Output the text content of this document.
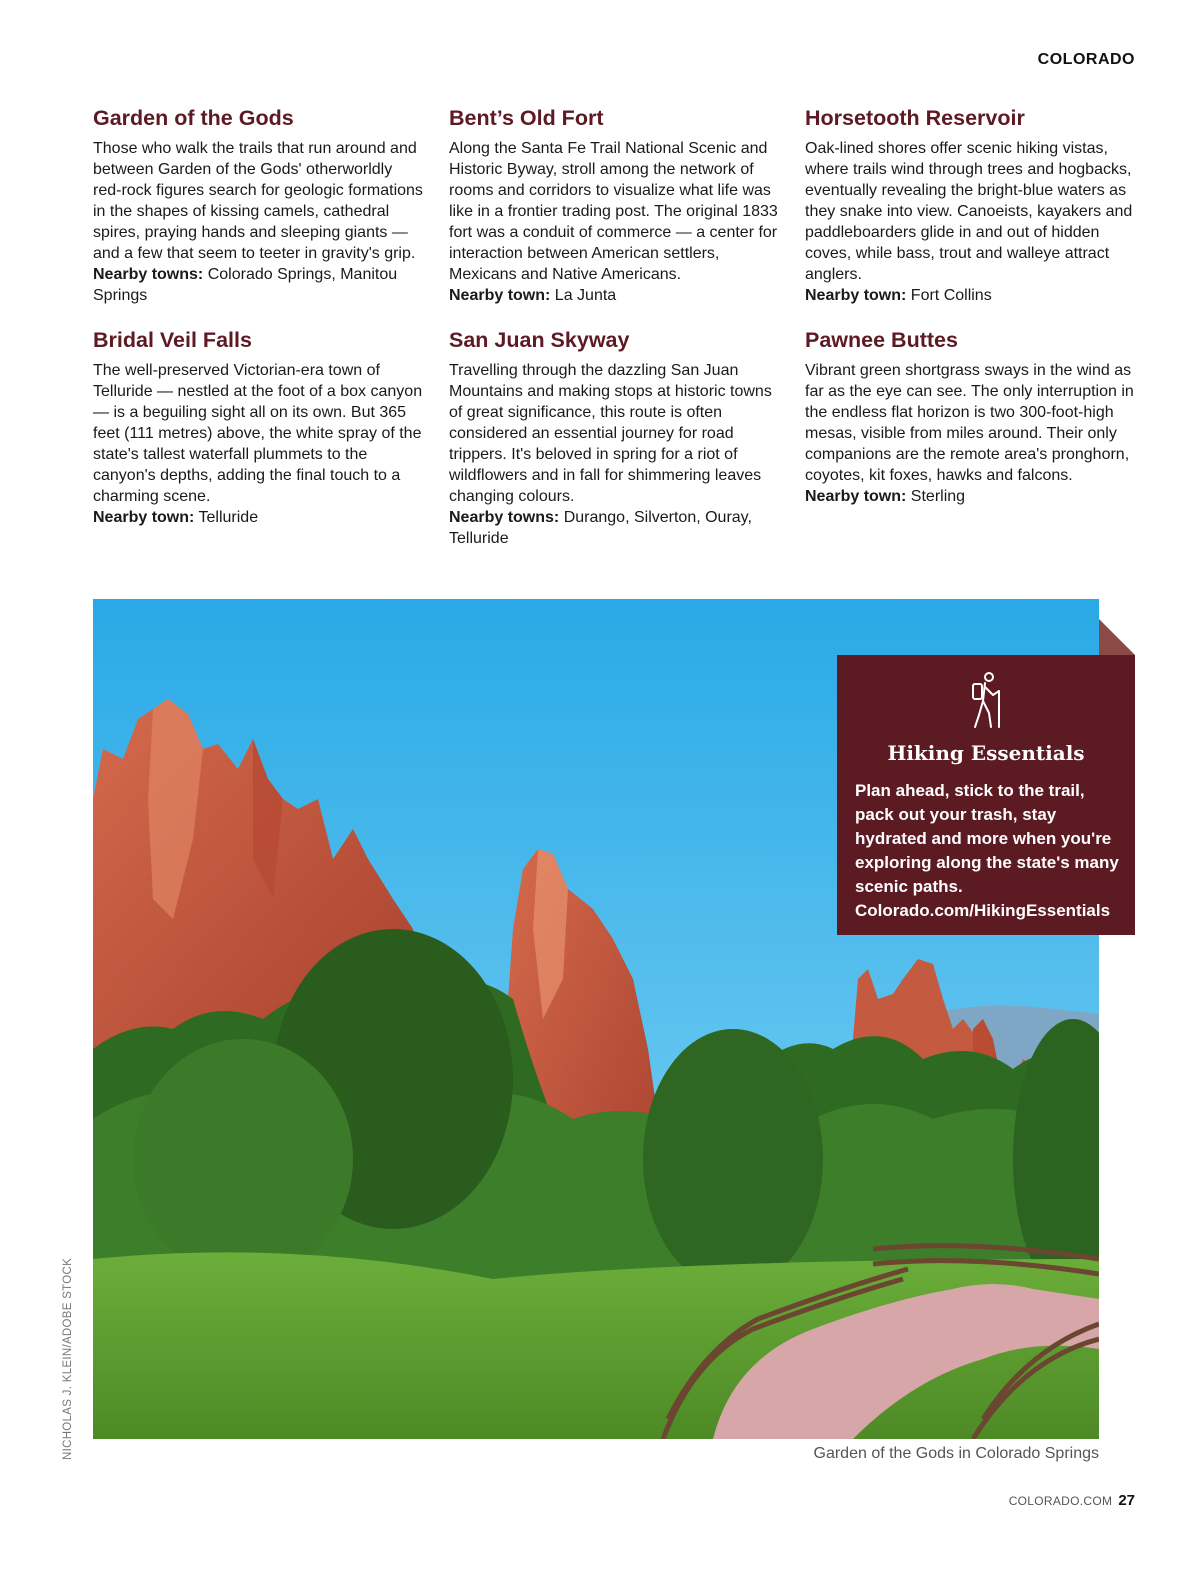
COLORADO
Garden of the Gods

Those who walk the trails that run around and between Garden of the Gods' otherworldly red-rock figures search for geologic formations in the shapes of kissing camels, cathedral spires, praying hands and sleeping giants — and a few that seem to teeter in gravity's grip.
Nearby towns: Colorado Springs, Manitou Springs

Bridal Veil Falls

The well-preserved Victorian-era town of Telluride — nestled at the foot of a box canyon — is a beguiling sight all on its own. But 365 feet (111 metres) above, the white spray of the state's tallest waterfall plummets to the canyon's depths, adding the final touch to a charming scene.
Nearby town: Telluride

Bent’s Old Fort

Along the Santa Fe Trail National Scenic and Historic Byway, stroll among the network of rooms and corridors to visualize what life was like in a frontier trading post. The original 1833 fort was a conduit of commerce — a center for interaction between American settlers, Mexicans and Native Americans.
Nearby town: La Junta

San Juan Skyway

Travelling through the dazzling San Juan Mountains and making stops at historic towns of great significance, this route is often considered an essential journey for road trippers. It's beloved in spring for a riot of wildflowers and in fall for shimmering leaves changing colours.
Nearby towns: Durango, Silverton, Ouray, Telluride

Horsetooth Reservoir

Oak-lined shores offer scenic hiking vistas, where trails wind through trees and hogbacks, eventually revealing the bright-blue waters as they snake into view. Canoeists, kayakers and paddleboarders glide in and out of hidden coves, while bass, trout and walleye attract anglers.
Nearby town: Fort Collins

Pawnee Buttes

Vibrant green shortgrass sways in the wind as far as the eye can see. The only interruption in the endless flat horizon is two 300-foot-high mesas, visible from miles around. Their only companions are the remote area's pronghorn, coyotes, kit foxes, hawks and falcons.
Nearby town: Sterling

Hiking Essentials

Plan ahead, stick to the trail, pack out your trash, stay hydrated and more when you're exploring along the state's many scenic paths. Colorado.com/HikingEssentials

Garden of the Gods in Colorado Springs
NICHOLAS J. KLEIN/ADOBE STOCK
COLORADO.COM 27
